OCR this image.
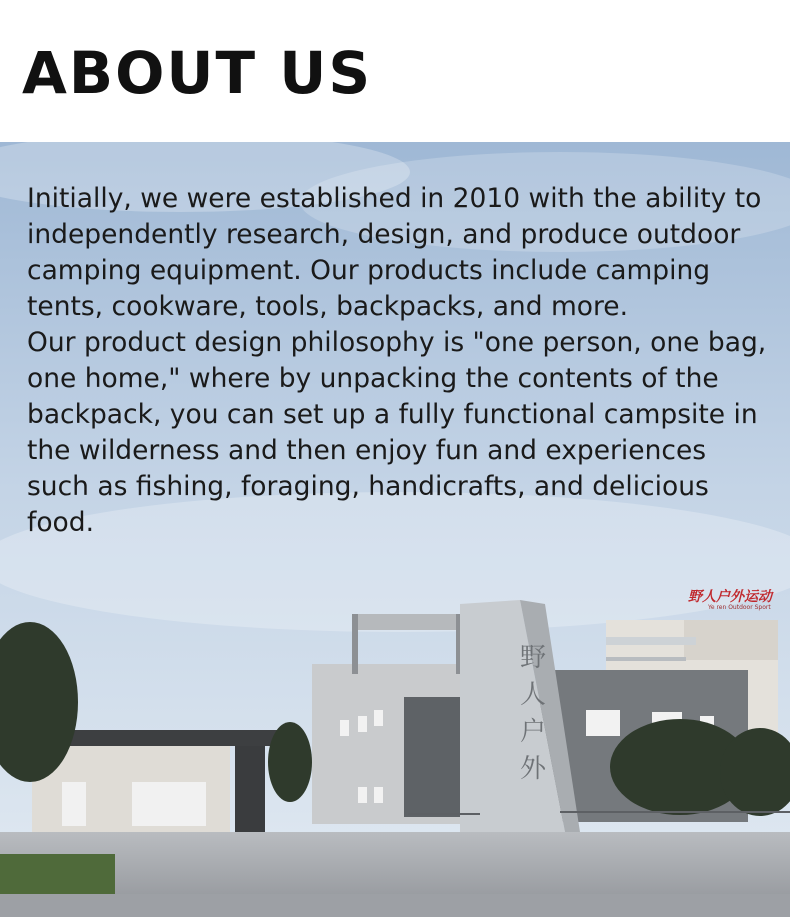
ABOUT US

Initially, we were established in 2010 with the ability to independently research, design, and produce outdoor camping equipment. Our products include camping tents, cookware, tools, backpacks, and more.

Our product design philosophy is "one person, one bag, one home," where by unpacking the contents of the backpack, you can set up a fully functional campsite in the wilderness and then enjoy fun and experiences such as fishing, foraging, handicrafts, and delicious food.

野人户外
野人户外运动
Ye ren Outdoor Sport
